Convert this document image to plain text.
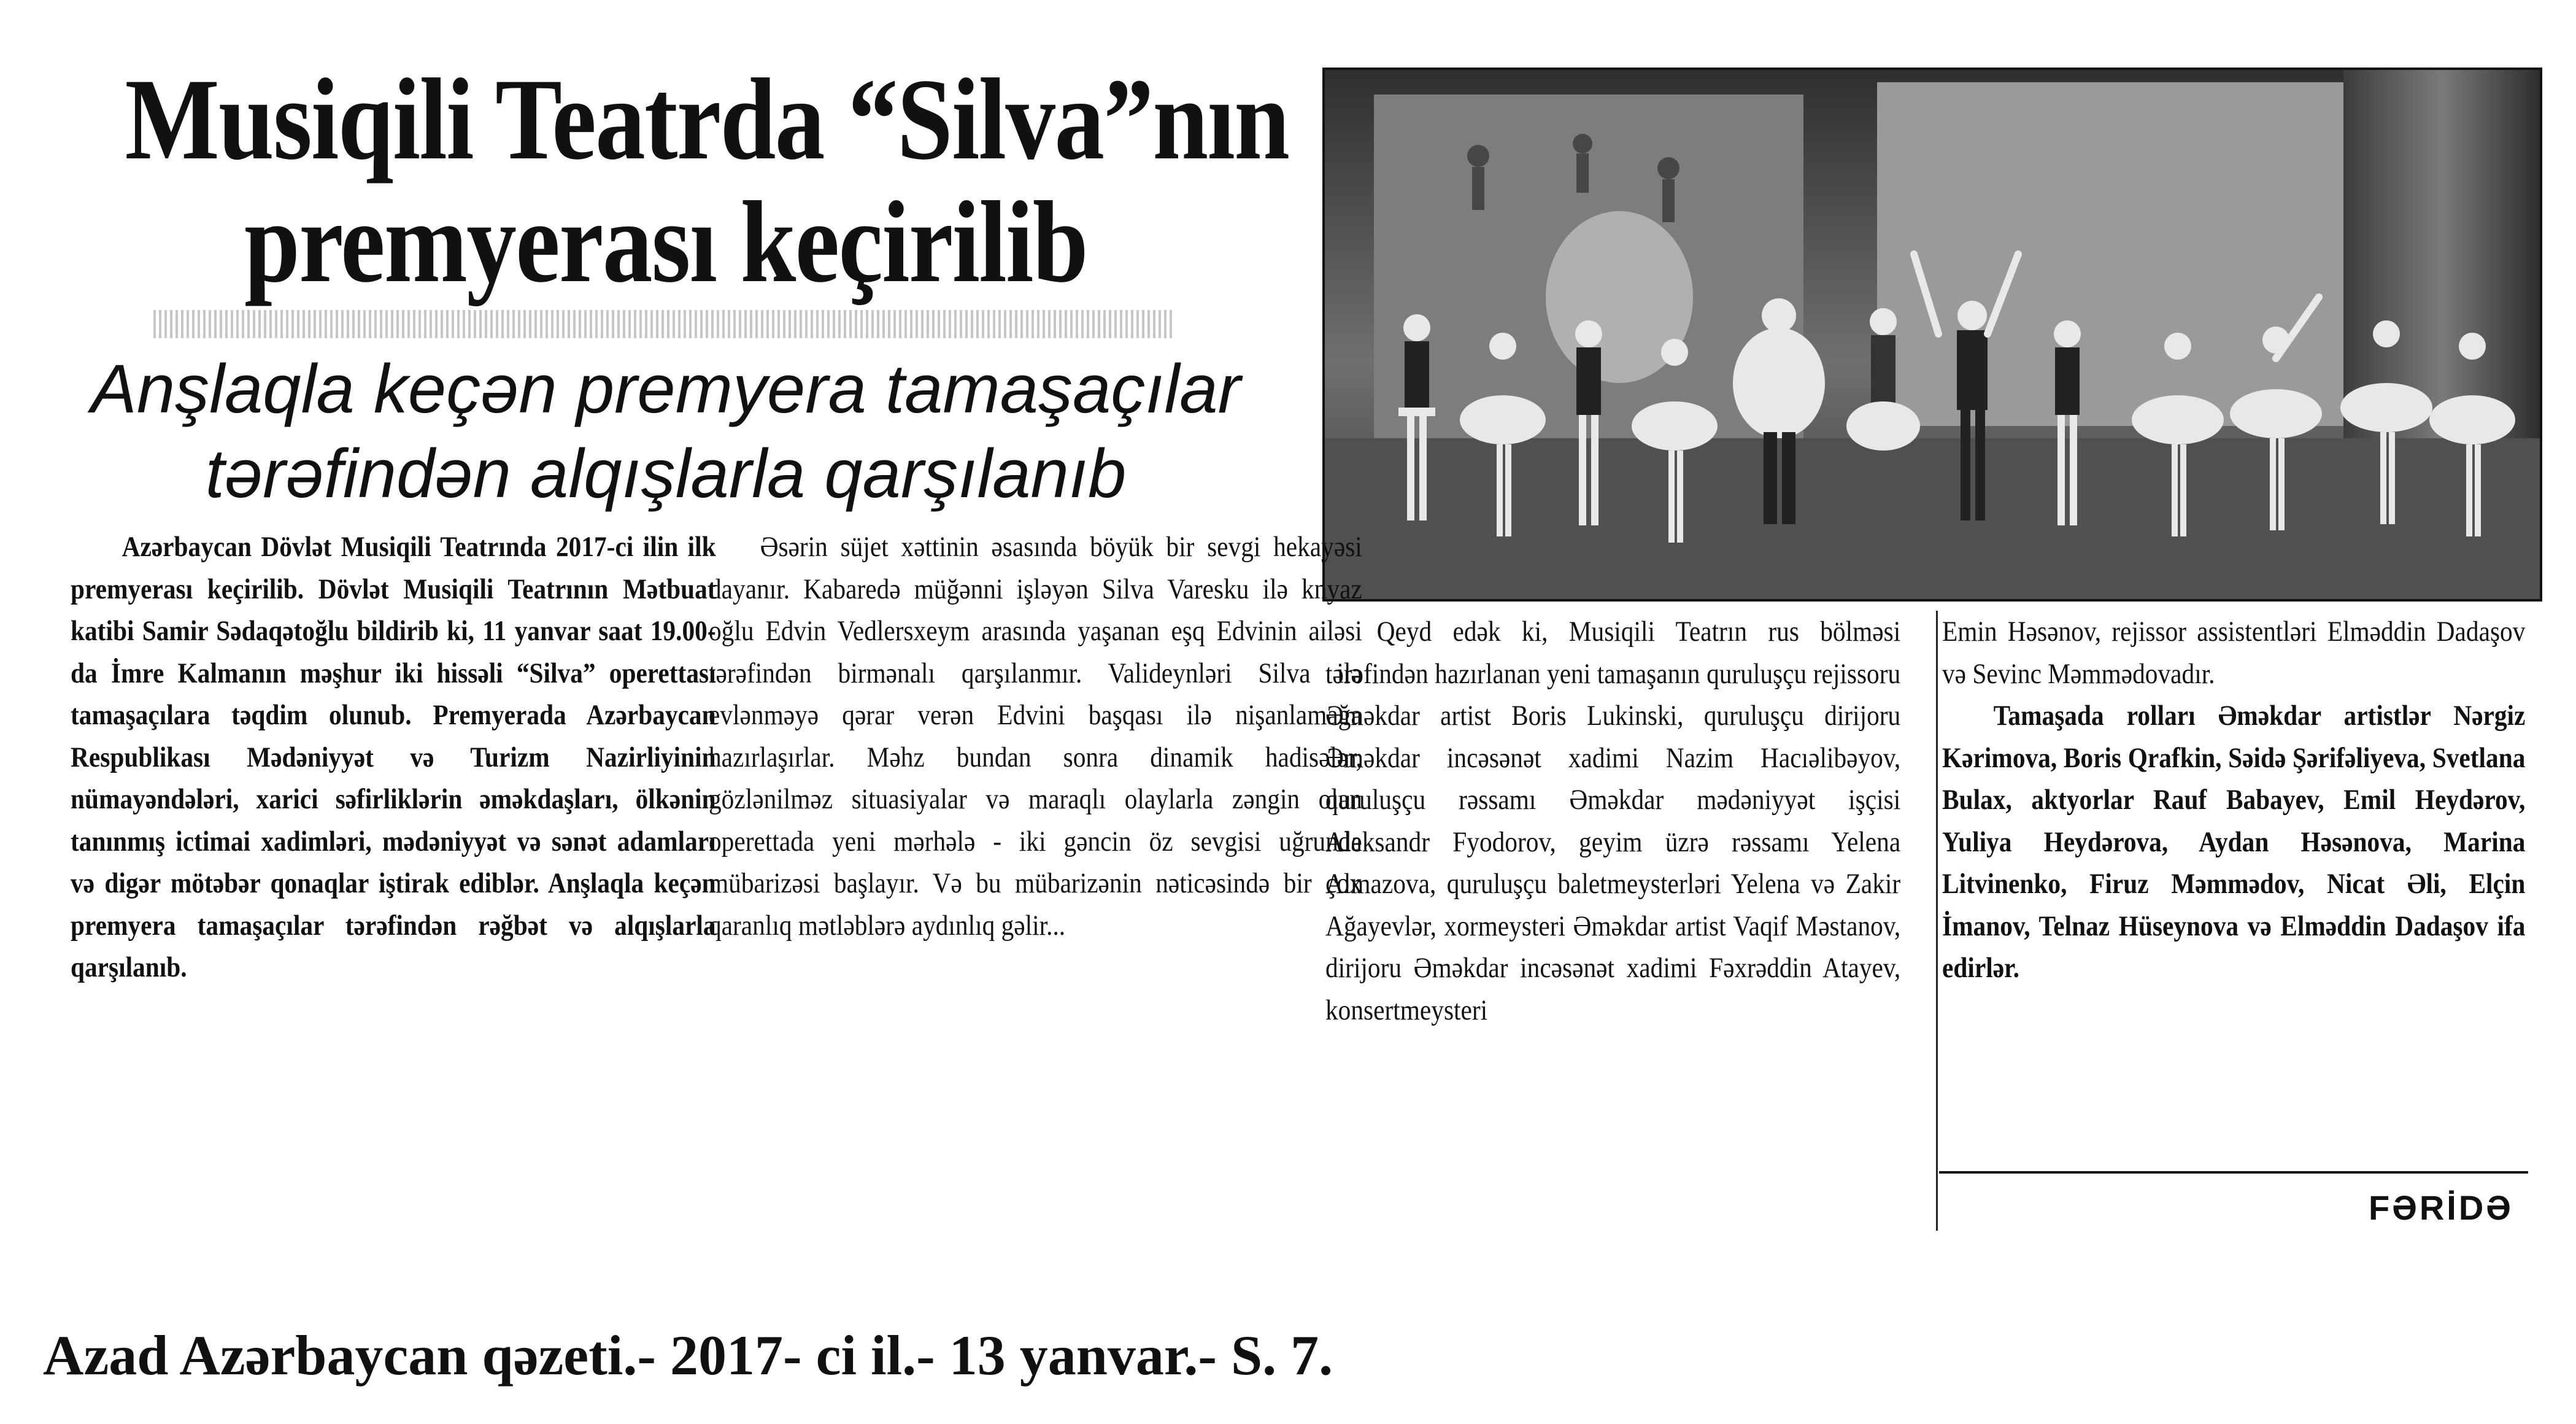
Musiqili Teatrda “Silva”nın
premyerası keçirilib
Anşlaqla keçən premyera tamaşaçılar
tərəfindən alqışlarla qarşılanıb

Azərbaycan Dövlət Musiqili Teatrında 2017-ci ilin ilk premyerası keçirilib. Dövlət Musiqili Teatrının Mətbuat katibi Samir Sədaqətoğlu bildirib ki, 11 yanvar saat 19.00-da İmre Kalmanın məşhur iki hissəli “Silva” operettası tamaşaçılara təqdim olunub. Premyerada Azərbaycan Respublikası Mədəniyyət və Turizm Nazirliyinin nümayəndələri, xarici səfirliklərin əməkdaşları, ölkənin tanınmış ictimai xadimləri, mədəniyyət və sənət adamları və digər mötəbər qonaqlar iştirak ediblər. Anşlaqla keçən premyera tamaşaçılar tərəfindən rəğbət və alqışlarla qarşılanıb.

Əsərin süjet xəttinin əsasında böyük bir sevgi hekayəsi dayanır. Kabaredə müğənni işləyən Silva Varesku ilə knyaz oğlu Edvin Vedlersxeym arasında yaşanan eşq Edvinin ailəsi tərəfindən birmənalı qarşılanmır. Valideynləri Silva ilə evlənməyə qərar verən Edvini başqası ilə nişanlamağa hazırlaşırlar. Məhz bundan sonra dinamik hadisələr, gözlənilməz situasiyalar və maraqlı olaylarla zəngin olan operettada yeni mərhələ - iki gəncin öz sevgisi uğrunda mübarizəsi başlayır. Və bu mübarizənin nəticəsində bir çox qaranlıq mətləblərə aydınlıq gəlir...

Qeyd edək ki, Musiqili Teatrın rus bölməsi tərəfindən hazırlanan yeni tamaşanın quruluşçu rejissoru Əməkdar artist Boris Lukinski, quruluşçu dirijoru Əməkdar incəsənət xadimi Nazim Hacıəlibəyov, quruluşçu rəssamı Əməkdar mədəniyyət işçisi Aleksandr Fyodorov, geyim üzrə rəssamı Yelena Almazova, quruluşçu baletmeysterləri Yelena və Zakir Ağayevlər, xormeysteri Əməkdar artist Vaqif Məstanov, dirijoru Əməkdar incəsənət xadimi Fəxrəddin Atayev, konsertmeysteri

Emin Həsənov, rejissor assistentləri Elməddin Dadaşov və Sevinc Məmmədovadır.

Tamaşada rolları Əməkdar artistlər Nərgiz Kərimova, Boris Qrafkin, Səidə Şərifəliyeva, Svetlana Bulax, aktyorlar Rauf Babayev, Emil Heydərov, Yuliya Heydərova, Aydan Həsənova, Marina Litvinenko, Firuz Məmmədov, Nicat Əli, Elçin İmanov, Telnaz Hüseynova və Elməddin Dadaşov ifa edirlər.

FƏRİDƏ
Azad Azərbaycan qəzeti.- 2017- ci il.- 13 yanvar.- S. 7.
